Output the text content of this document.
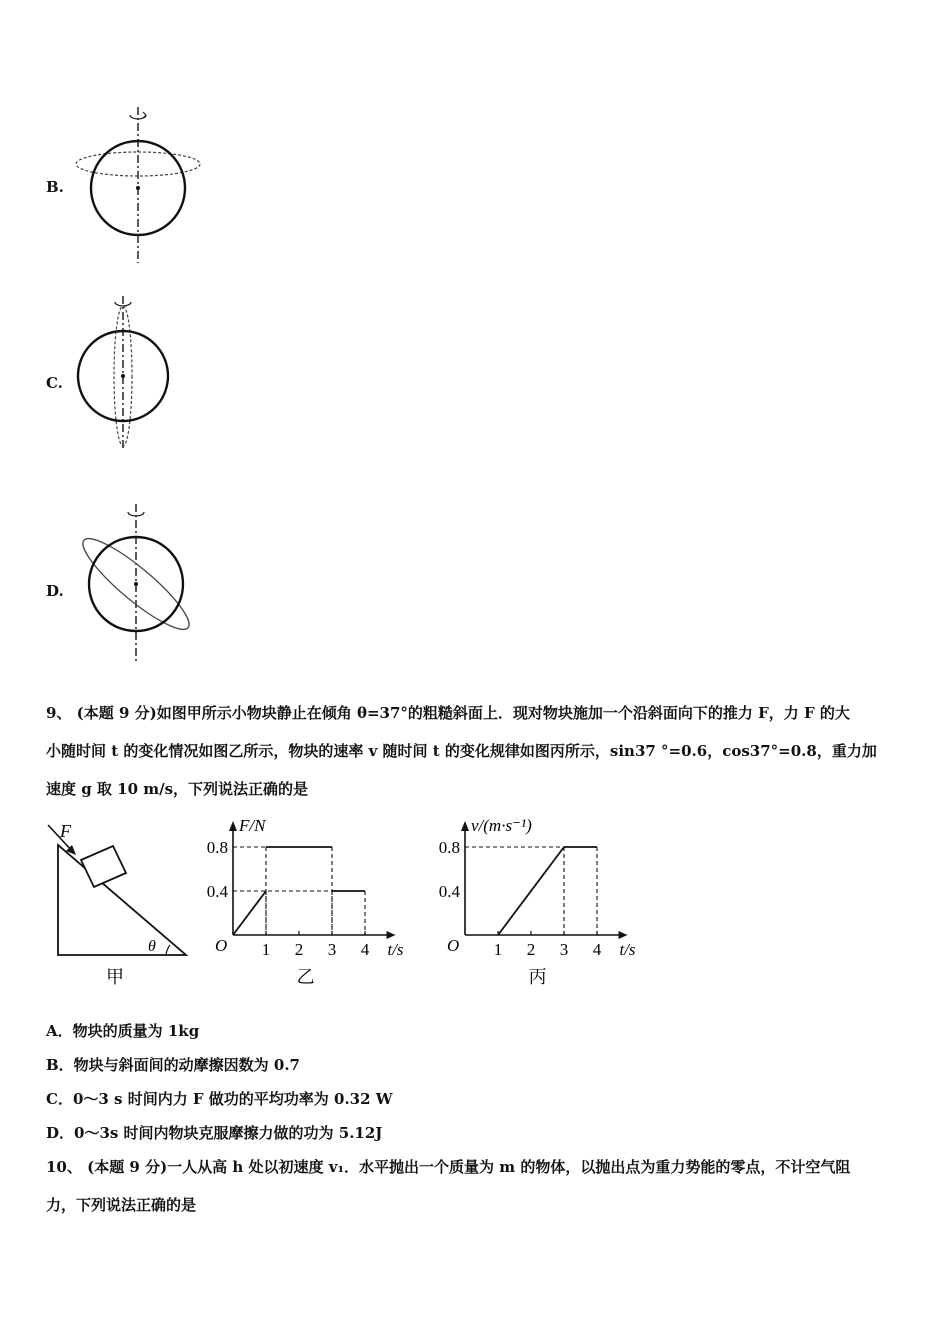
B.
C.
D.
9、 (本题 9 分)如图甲所示小物块静止在倾角 θ=37°的粗糙斜面上．现对物块施加一个沿斜面向下的推力 F，力 F 的大
小随时间 t 的变化情况如图乙所示，物块的速率 v 随时间 t 的变化规律如图丙所示，sin37 °=0.6，cos37°=0.8，重力加
速度 g 取 10 m/s，下列说法正确的是
F
θ
甲
1 2 3 4
0.4
0.8
O	t/s
F/N
乙
1 2 3 4
0.4
0.8
O	t/s
v/(m·s⁻¹)
丙
A．物块的质量为 1kg
B．物块与斜面间的动摩擦因数为 0.7
C．0～3 s 时间内力 F 做功的平均功率为 0.32 W
D．0～3s 时间内物块克服摩擦力做的功为 5.12J
10、 (本题 9 分)一人从高 h 处以初速度 v₁．水平抛出一个质量为 m 的物体，以抛出点为重力势能的零点，不计空气阻
力，下列说法正确的是
